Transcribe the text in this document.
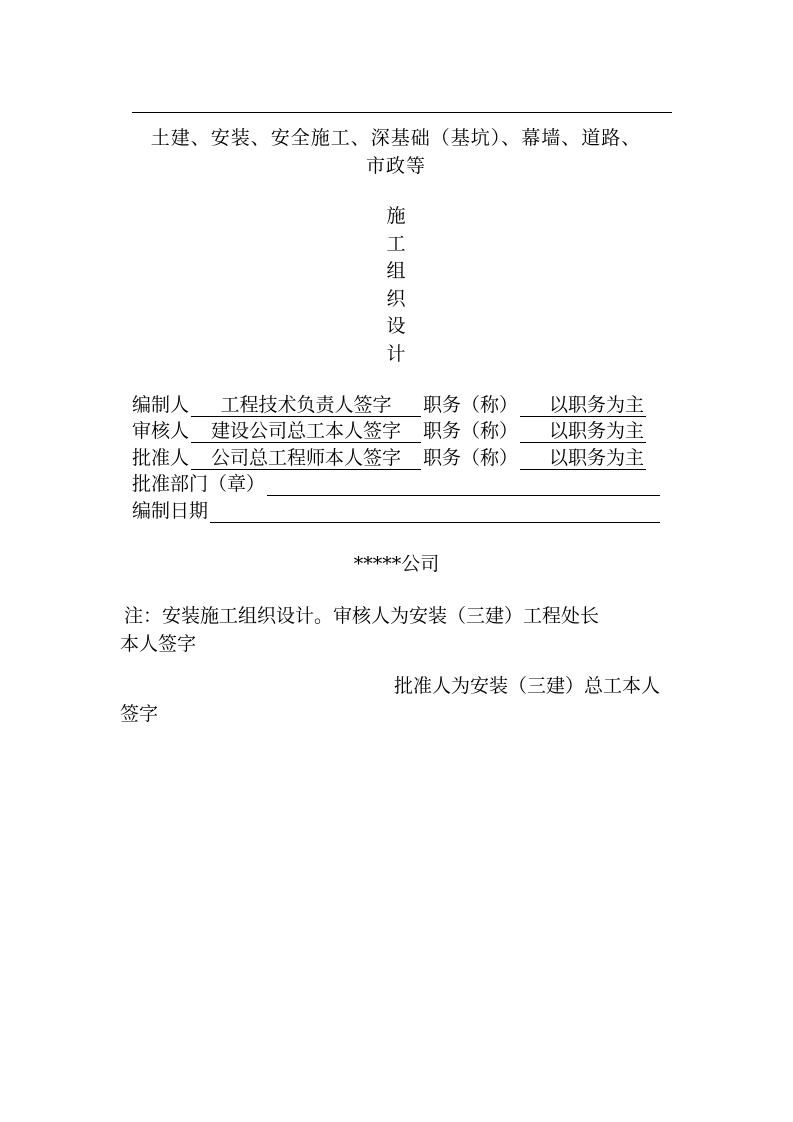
土建、安装、安全施工、深基础（基坑）、幕墙、道路、
市政等
施
工
组
织
设
计
编制人	工程技术负责人签字	职务（称）	以职务为主
审核人	建设公司总工本人签字	职务（称）	以职务为主
批准人	公司总工程师本人签字	职务（称）	以职务为主
批准部门（章）
编制日期
*****公司

注：安装施工组织设计。审核人为安装（三建）工程处长

本人签字

批准人为安装（三建）总工本人

签字
